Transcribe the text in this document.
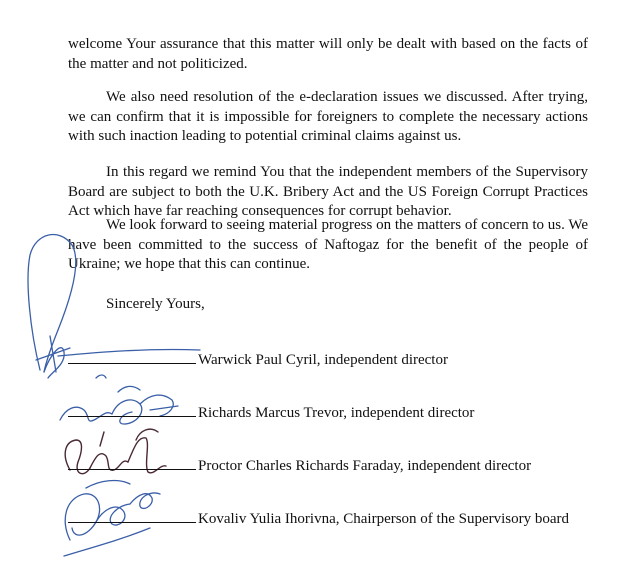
welcome Your assurance that this matter will only be dealt with based on the facts of the matter and not politicized.

We also need resolution of the e-declaration issues we discussed. After trying, we can confirm that it is impossible for foreigners to complete the necessary actions with such inaction leading to potential criminal claims against us.

In this regard we remind You that the independent members of the Supervisory Board are subject to both the U.K. Bribery Act and the US Foreign Corrupt Practices Act which have far reaching consequences for corrupt behavior.

We look forward to seeing material progress on the matters of concern to us. We have been committed to the success of Naftogaz for the benefit of the people of Ukraine; we hope that this can continue.

Sincerely Yours,

Warwick Paul Cyril, independent director
Richards Marcus Trevor, independent director
Proctor Charles Richards Faraday, independent director
Kovaliv Yulia Ihorivna, Chairperson of the Supervisory board
